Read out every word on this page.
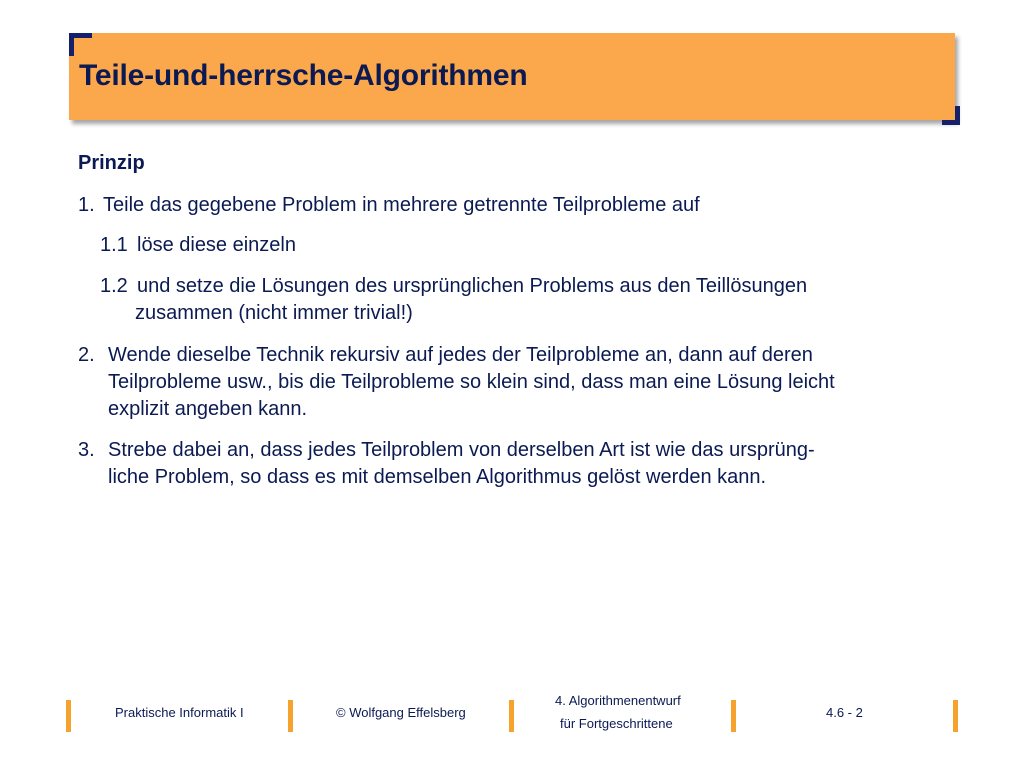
Teile-und-herrsche-Algorithmen
Prinzip
1. Teile das gegebene Problem in mehrere getrennte Teilprobleme auf
1.1 löse diese einzeln
1.2 und setze die Lösungen des ursprünglichen Problems aus den Teillösungen
zusammen (nicht immer trivial!)
2. Wende dieselbe Technik rekursiv auf jedes der Teilprobleme an, dann auf deren
Teilprobleme usw., bis die Teilprobleme so klein sind, dass man eine Lösung leicht
explizit angeben kann.
3. Strebe dabei an, dass jedes Teilproblem von derselben Art ist wie das ursprüng-
liche Problem, so dass es mit demselben Algorithmus gelöst werden kann.
Praktische Informatik I	© Wolfgang Effelsberg
4. Algorithmenentwurf
für Fortgeschrittene
4.6 - 2
